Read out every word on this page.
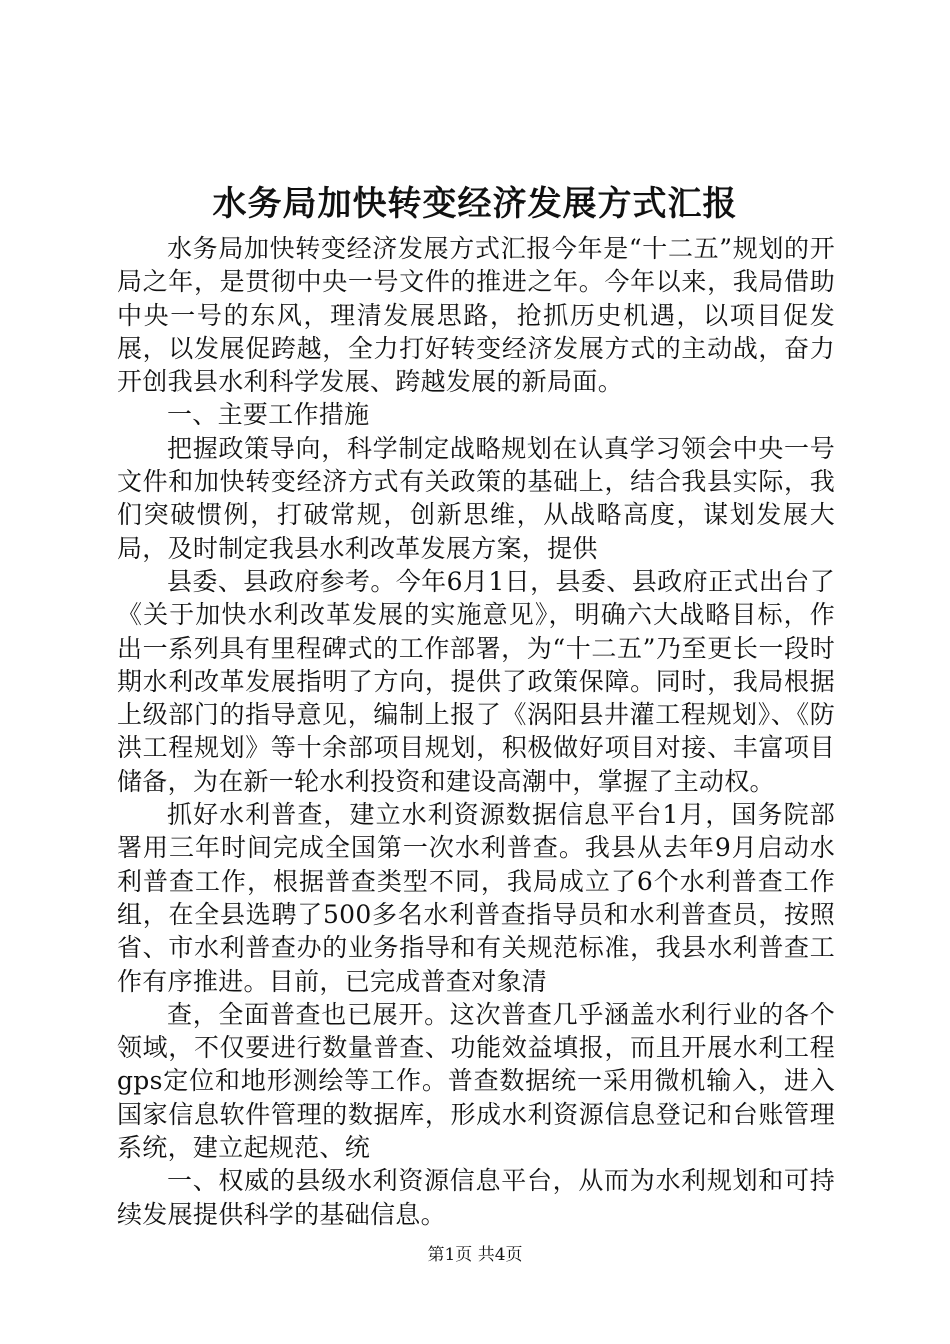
水务局加快转变经济发展方式汇报

水务局加快转变经济发展方式汇报今年是“十二五”规划的开局之年，是贯彻中央一号文件的推进之年。今年以来，我局借助中央一号的东风，理清发展思路，抢抓历史机遇，以项目促发展，以发展促跨越，全力打好转变经济发展方式的主动战，奋力开创我县水利科学发展、跨越发展的新局面。

一、主要工作措施

把握政策导向，科学制定战略规划在认真学习领会中央一号文件和加快转变经济方式有关政策的基础上，结合我县实际，我们突破惯例，打破常规，创新思维，从战略高度，谋划发展大局，及时制定我县水利改革发展方案，提供

县委、县政府参考。今年6月1日，县委、县政府正式出台了《关于加快水利改革发展的实施意见》，明确六大战略目标，作出一系列具有里程碑式的工作部署，为“十二五”乃至更长一段时期水利改革发展指明了方向，提供了政策保障。同时，我局根据上级部门的指导意见，编制上报了《涡阳县井灌工程规划》、《防洪工程规划》等十余部项目规划，积极做好项目对接、丰富项目储备，为在新一轮水利投资和建设高潮中，掌握了主动权。

抓好水利普查，建立水利资源数据信息平台1月，国务院部署用三年时间完成全国第一次水利普查。我县从去年9月启动水利普查工作，根据普查类型不同，我局成立了6个水利普查工作组，在全县选聘了500多名水利普查指导员和水利普查员，按照省、市水利普查办的业务指导和有关规范标准，我县水利普查工作有序推进。目前，已完成普查对象清

查，全面普查也已展开。这次普查几乎涵盖水利行业的各个领域，不仅要进行数量普查、功能效益填报，而且开展水利工程gps定位和地形测绘等工作。普查数据统一采用微机输入，进入国家信息软件管理的数据库，形成水利资源信息登记和台账管理系统，建立起规范、统

一、权威的县级水利资源信息平台，从而为水利规划和可持续发展提供科学的基础信息。

第1页 共4页
